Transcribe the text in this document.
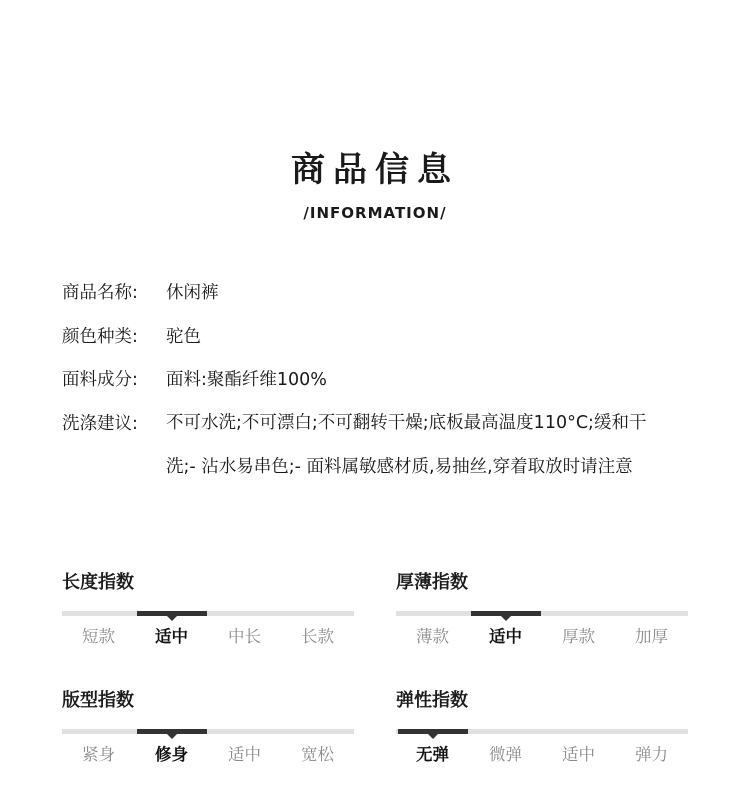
商品信息
/INFORMATION/
商品名称:	休闲裤
颜色种类:	驼色
面料成分:	面料:聚酯纤维100%
洗涤建议:	不可水洗;不可漂白;不可翻转干燥;底板最高温度110°C;缓和干
洗;- 沾水易串色;- 面料属敏感材质,易抽丝,穿着取放时请注意
长度指数
短款	适中	中长	长款
厚薄指数
薄款	适中	厚款	加厚
版型指数
紧身	修身	适中	宽松
弹性指数
无弹	微弹	适中	弹力
